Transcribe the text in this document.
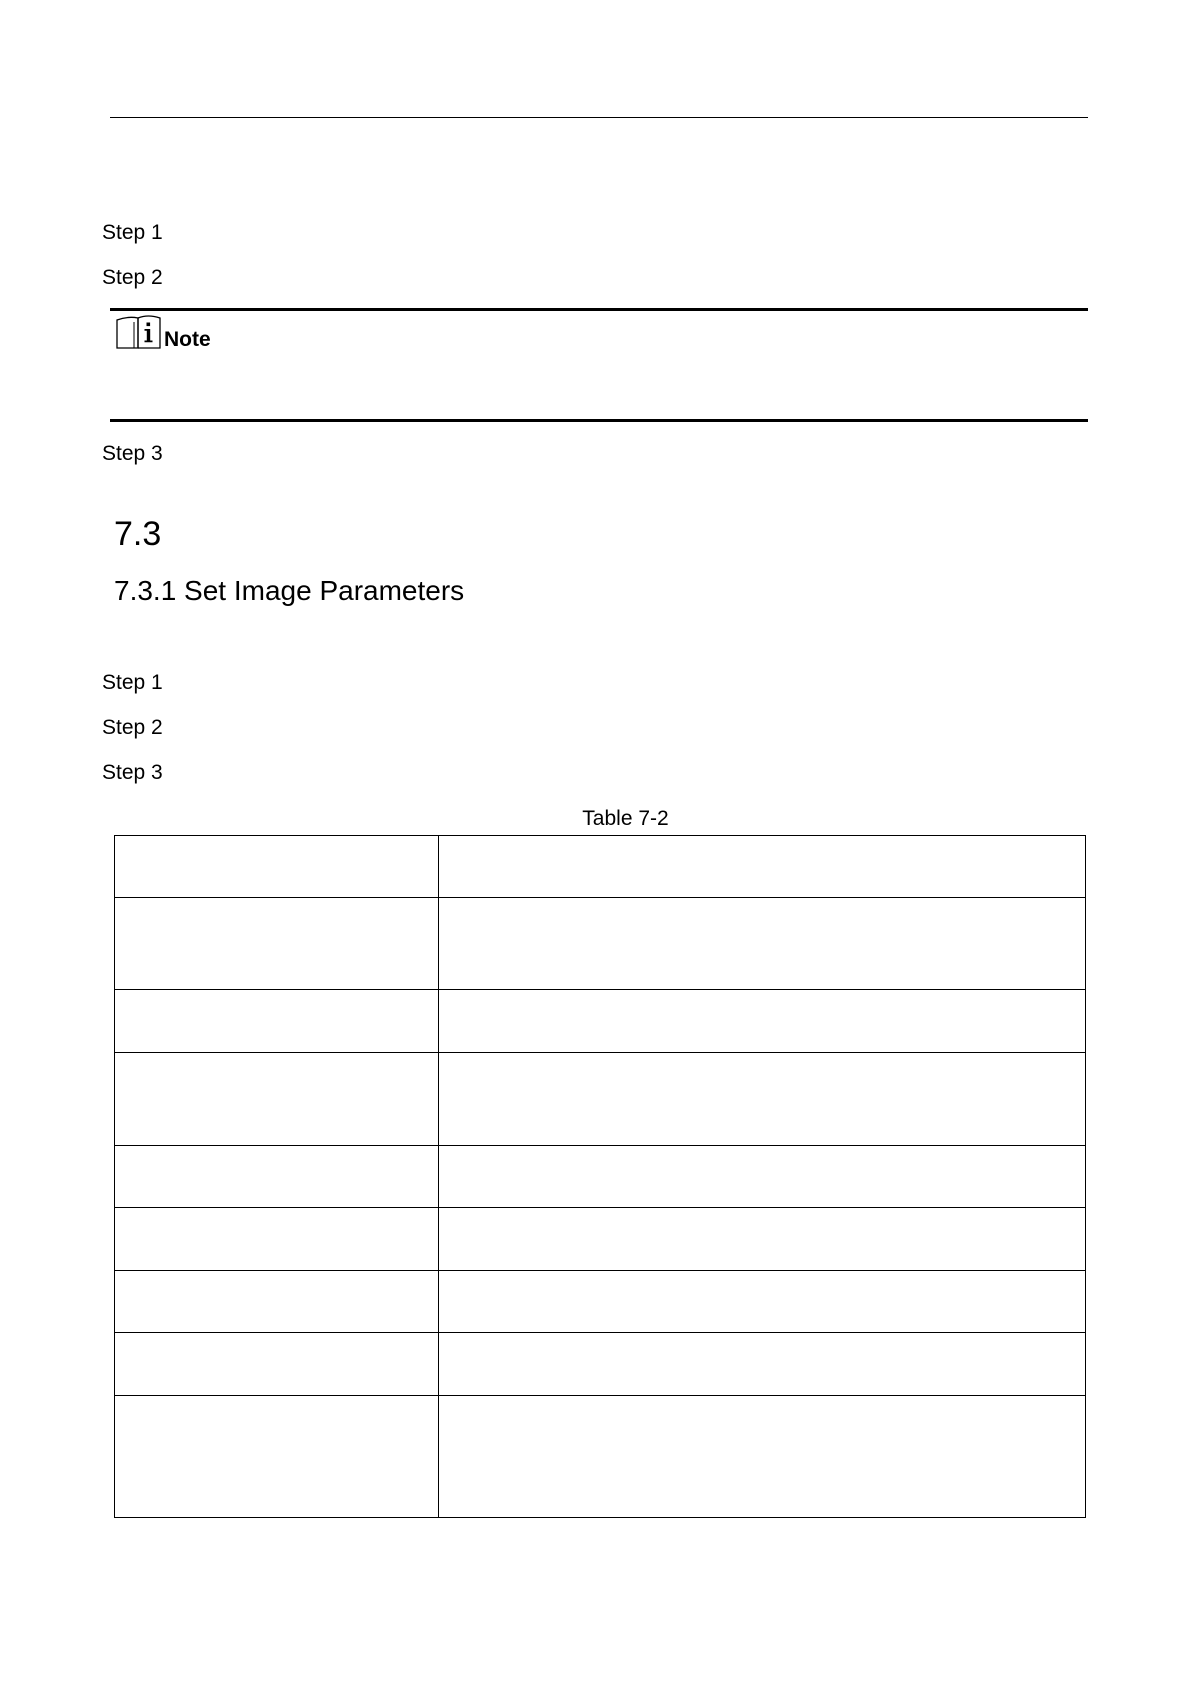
Step 1
Step 2
Note
Step 3
7.3
7.3.1 Set Image Parameters
Step 1
Step 2
Step 3
Table 7-2
